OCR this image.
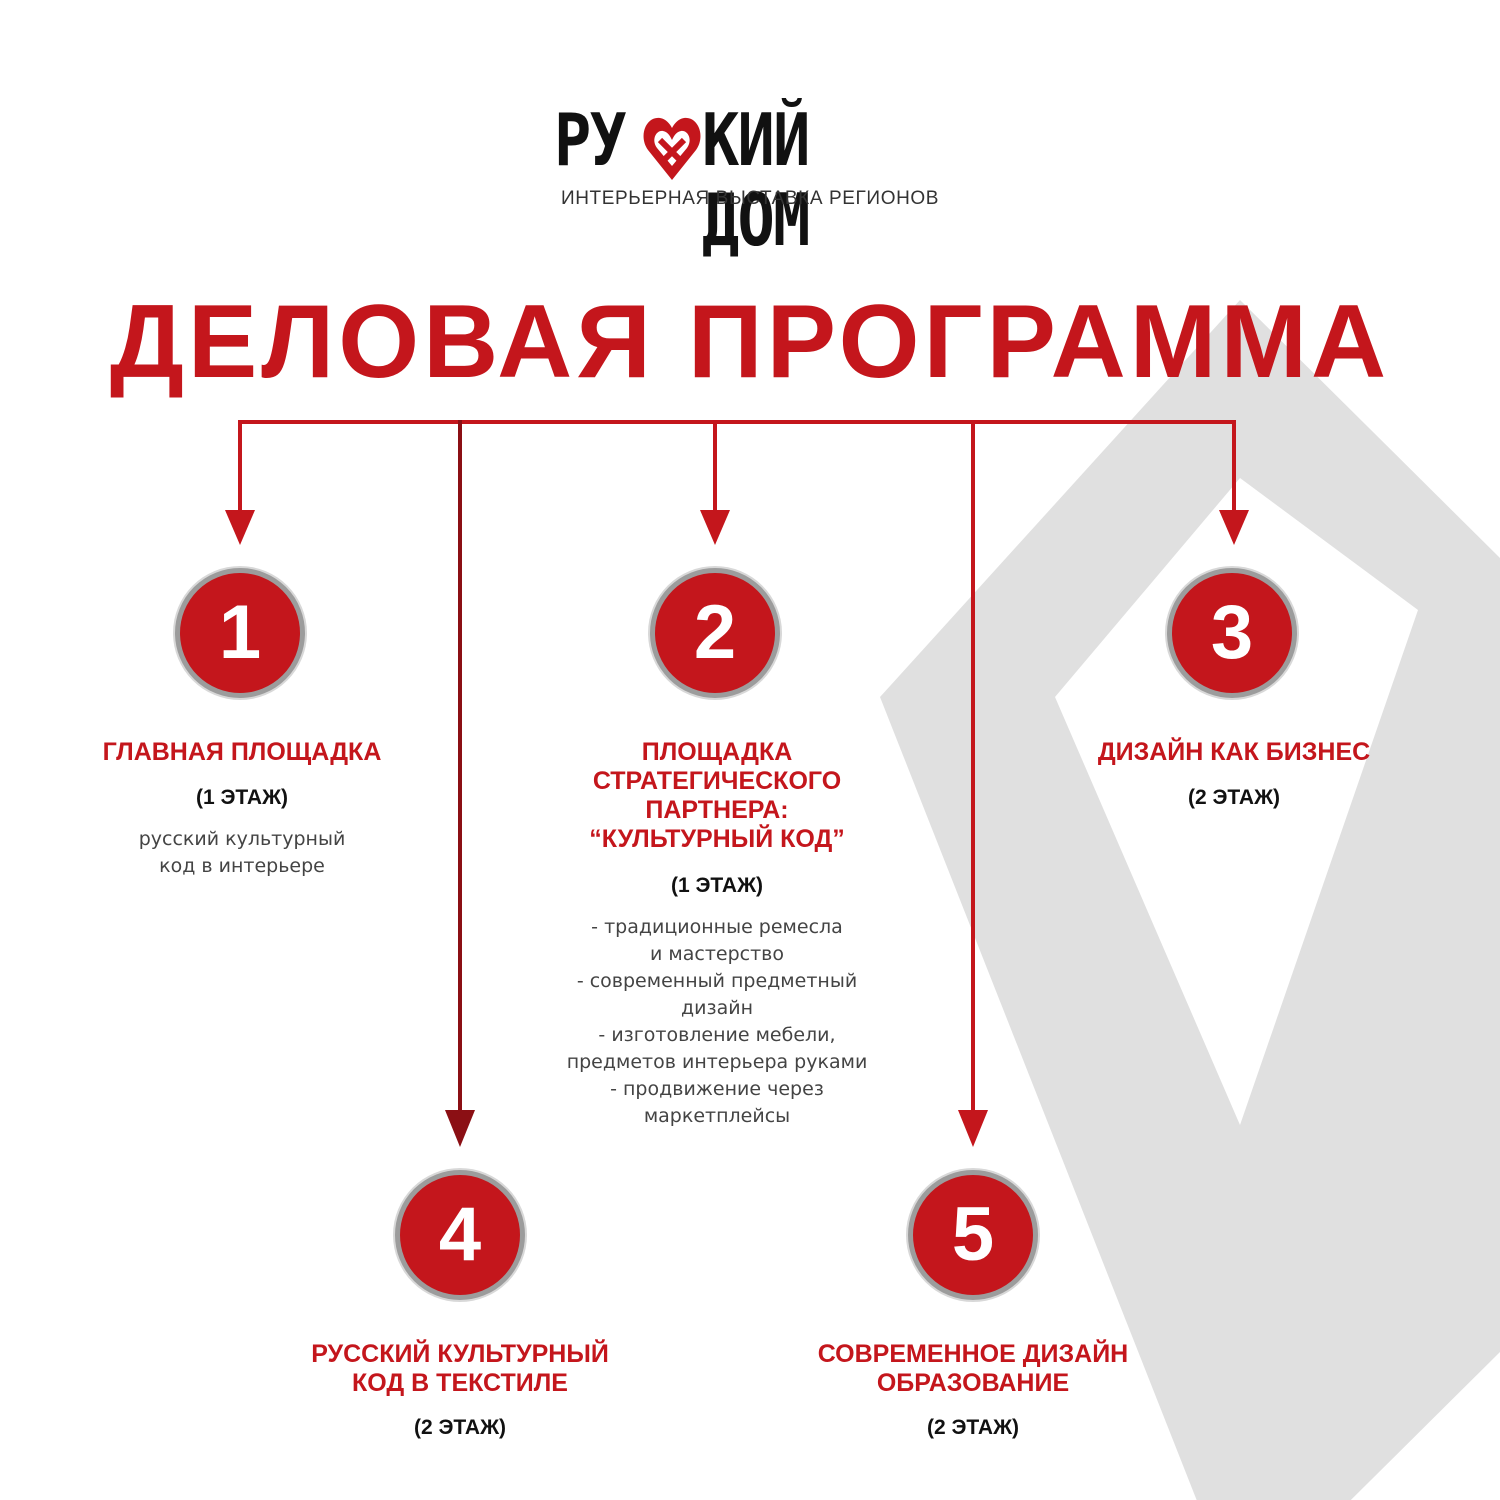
РУ КИЙ ДОМ
ИНТЕРЬЕРНАЯ ВЫСТАВКА РЕГИОНОВ
ДЕЛОВАЯ ПРОГРАММА
1
ГЛАВНАЯ ПЛОЩАДКА
(1 ЭТАЖ)
русский культурный
код в интерьере
2
ПЛОЩАДКА
СТРАТЕГИЧЕСКОГО
ПАРТНЕРА:
“КУЛЬТУРНЫЙ КОД”
(1 ЭТАЖ)
- традиционные ремесла
и мастерство
- современный предметный
дизайн
- изготовление мебели,
предметов интерьера руками
- продвижение через
маркетплейсы
3
ДИЗАЙН КАК БИЗНЕС
(2 ЭТАЖ)
4
РУССКИЙ КУЛЬТУРНЫЙ
КОД В ТЕКСТИЛЕ
(2 ЭТАЖ)
5
СОВРЕМЕННОЕ ДИЗАЙН
ОБРАЗОВАНИЕ
(2 ЭТАЖ)
